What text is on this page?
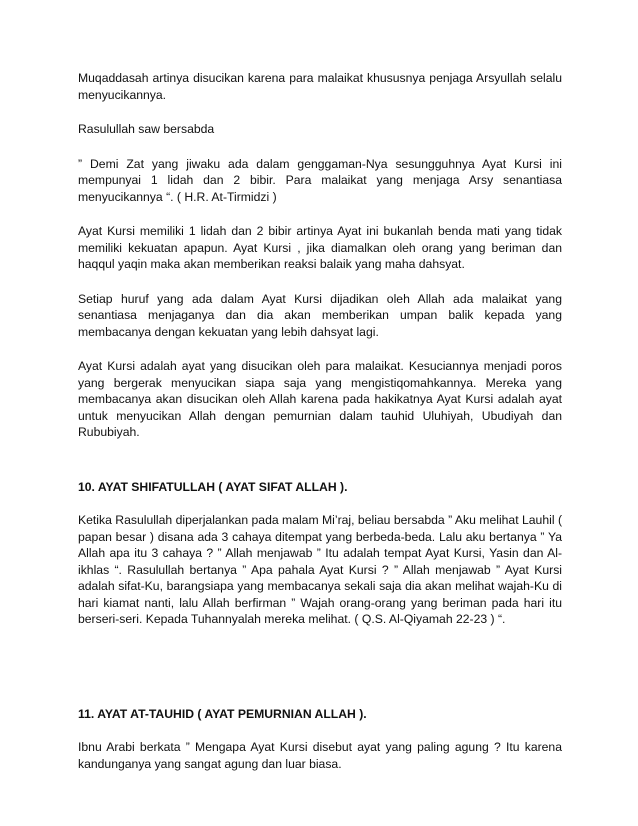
Muqaddasah artinya disucikan karena para malaikat khususnya penjaga Arsyullah selalu menyucikannya.

Rasulullah saw bersabda

” Demi Zat yang jiwaku ada dalam genggaman-Nya sesungguhnya Ayat Kursi ini mempunyai 1 lidah dan 2 bibir. Para malaikat yang menjaga Arsy senantiasa menyucikannya “. ( H.R. At-Tirmidzi )

Ayat Kursi memiliki 1 lidah dan 2 bibir artinya Ayat ini bukanlah benda mati yang tidak memiliki kekuatan apapun. Ayat Kursi , jika diamalkan oleh orang yang beriman dan haqqul yaqin maka akan memberikan reaksi balaik yang maha dahsyat.

Setiap huruf yang ada dalam Ayat Kursi dijadikan oleh Allah ada malaikat yang senantiasa menjaganya dan dia akan memberikan umpan balik kepada yang membacanya dengan kekuatan yang lebih dahsyat lagi.

Ayat Kursi adalah ayat yang disucikan oleh para malaikat. Kesuciannya menjadi poros yang bergerak menyucikan siapa saja yang mengistiqomahkannya. Mereka yang membacanya akan disucikan oleh Allah karena pada hakikatnya Ayat Kursi adalah ayat untuk menyucikan Allah dengan pemurnian dalam tauhid Uluhiyah, Ubudiyah dan Rububiyah.

10. AYAT SHIFATULLAH ( AYAT SIFAT ALLAH ).

Ketika Rasulullah diperjalankan pada malam Mi’raj, beliau bersabda ” Aku melihat Lauhil ( papan besar ) disana ada 3 cahaya ditempat yang berbeda-beda. Lalu aku bertanya ” Ya Allah apa itu 3 cahaya ? ” Allah menjawab ” Itu adalah tempat Ayat Kursi, Yasin dan Al-ikhlas “. Rasulullah bertanya ” Apa pahala Ayat Kursi ? ” Allah menjawab ” Ayat Kursi adalah sifat-Ku, barangsiapa yang membacanya sekali saja dia akan melihat wajah-Ku di hari kiamat nanti, lalu Allah berfirman ” Wajah orang-orang yang beriman pada hari itu berseri-seri. Kepada Tuhannyalah mereka melihat. ( Q.S. Al-Qiyamah 22-23 ) “.

11. AYAT AT-TAUHID ( AYAT PEMURNIAN ALLAH ).

Ibnu Arabi berkata ” Mengapa Ayat Kursi disebut ayat yang paling agung ? Itu karena kandunganya yang sangat agung dan luar biasa.
